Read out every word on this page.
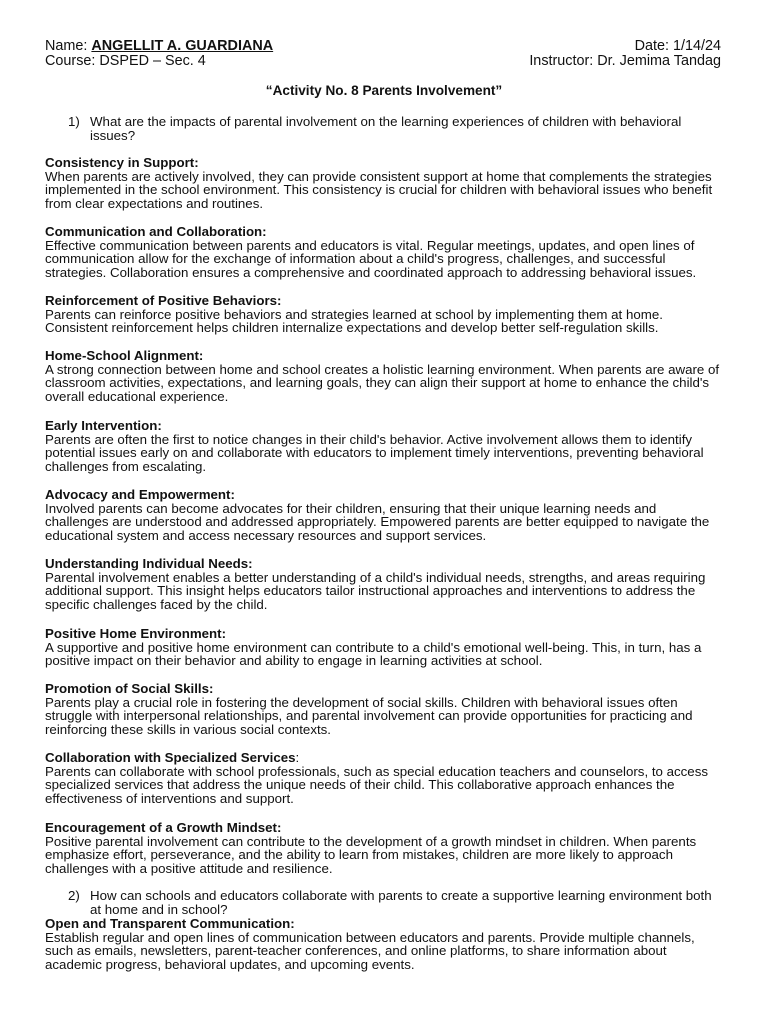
Name: ANGELLIT A. GUARDIANA	Date: 1/14/24
Course: DSPED – Sec. 4	Instructor: Dr. Jemima Tandag
“Activity No. 8 Parents Involvement”
1) What are the impacts of parental involvement on the learning experiences of children with behavioral issues?
Consistency in Support:

When parents are actively involved, they can provide consistent support at home that complements the strategies implemented in the school environment. This consistency is crucial for children with behavioral issues who benefit from clear expectations and routines.

Communication and Collaboration:

Effective communication between parents and educators is vital. Regular meetings, updates, and open lines of communication allow for the exchange of information about a child's progress, challenges, and successful strategies. Collaboration ensures a comprehensive and coordinated approach to addressing behavioral issues.

Reinforcement of Positive Behaviors:

Parents can reinforce positive behaviors and strategies learned at school by implementing them at home. Consistent reinforcement helps children internalize expectations and develop better self-regulation skills.

Home-School Alignment:

A strong connection between home and school creates a holistic learning environment. When parents are aware of classroom activities, expectations, and learning goals, they can align their support at home to enhance the child's overall educational experience.

Early Intervention:

Parents are often the first to notice changes in their child's behavior. Active involvement allows them to identify potential issues early on and collaborate with educators to implement timely interventions, preventing behavioral challenges from escalating.

Advocacy and Empowerment:

Involved parents can become advocates for their children, ensuring that their unique learning needs and challenges are understood and addressed appropriately. Empowered parents are better equipped to navigate the educational system and access necessary resources and support services.

Understanding Individual Needs:

Parental involvement enables a better understanding of a child's individual needs, strengths, and areas requiring additional support. This insight helps educators tailor instructional approaches and interventions to address the specific challenges faced by the child.

Positive Home Environment:

A supportive and positive home environment can contribute to a child's emotional well-being. This, in turn, has a positive impact on their behavior and ability to engage in learning activities at school.

Promotion of Social Skills:

Parents play a crucial role in fostering the development of social skills. Children with behavioral issues often struggle with interpersonal relationships, and parental involvement can provide opportunities for practicing and reinforcing these skills in various social contexts.

Collaboration with Specialized Services:

Parents can collaborate with school professionals, such as special education teachers and counselors, to access specialized services that address the unique needs of their child. This collaborative approach enhances the effectiveness of interventions and support.

Encouragement of a Growth Mindset:

Positive parental involvement can contribute to the development of a growth mindset in children. When parents emphasize effort, perseverance, and the ability to learn from mistakes, children are more likely to approach challenges with a positive attitude and resilience.

2) How can schools and educators collaborate with parents to create a supportive learning environment both at home and in school?
Open and Transparent Communication:

Establish regular and open lines of communication between educators and parents. Provide multiple channels, such as emails, newsletters, parent-teacher conferences, and online platforms, to share information about academic progress, behavioral updates, and upcoming events.
